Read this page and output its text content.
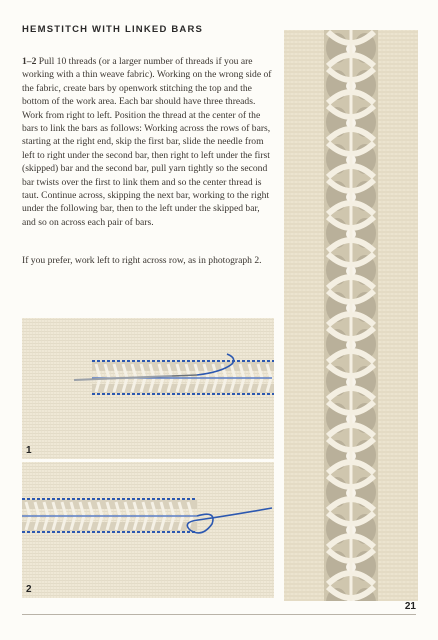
HEMSTITCH WITH LINKED BARS

1–2 Pull 10 threads (or a larger number of threads if you are working with a thin weave fabric). Working on the wrong side of the fabric, create bars by openwork stitching the top and the bottom of the work area. Each bar should have three threads. Work from right to left. Position the thread at the center of the bars to link the bars as follows: Working across the rows of bars, starting at the right end, skip the first bar, slide the needle from left to right under the second bar, then right to left under the first (skipped) bar and the second bar, pull yarn tightly so the second bar twists over the first to link them and so the center thread is taut. Continue across, skipping the next bar, working to the right under the following bar, then to the left under the skipped bar, and so on across each pair of bars.

If you prefer, work left to right across row, as in photograph 2.

1
2
21
